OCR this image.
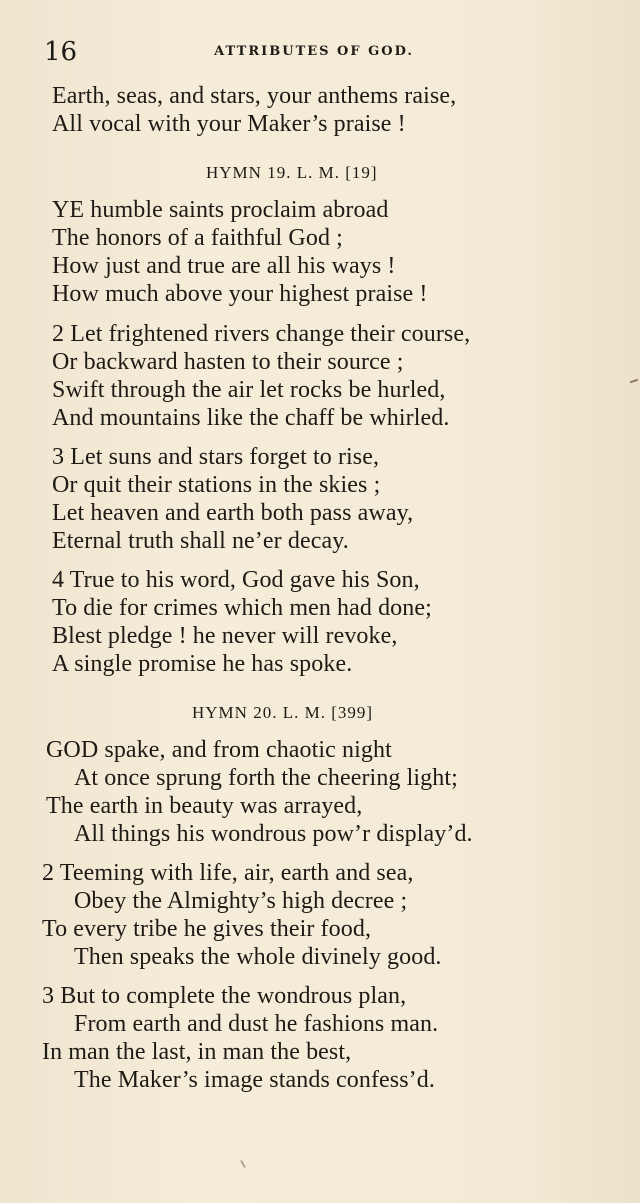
16	ATTRIBUTES OF GOD.
Earth, seas, and stars, your anthems raise,
All vocal with your Maker’s praise !
HYMN 19. L. M. [19]
YE humble saints proclaim abroad
The honors of a faithful God ;
How just and true are all his ways !
How much above your highest praise !
2 Let frightened rivers change their course,
Or backward hasten to their source ;
Swift through the air let rocks be hurled,
And mountains like the chaff be whirled.
3 Let suns and stars forget to rise,
Or quit their stations in the skies ;
Let heaven and earth both pass away,
Eternal truth shall ne’er decay.
4 True to his word, God gave his Son,
To die for crimes which men had done;
Blest pledge ! he never will revoke,
A single promise he has spoke.
HYMN 20. L. M. [399]
GOD spake, and from chaotic night
At once sprung forth the cheering light;
The earth in beauty was arrayed,
All things his wondrous pow’r display’d.
2 Teeming with life, air, earth and sea,
Obey the Almighty’s high decree ;
To every tribe he gives their food,
Then speaks the whole divinely good.
3 But to complete the wondrous plan,
From earth and dust he fashions man.
In man the last, in man the best,
The Maker’s image stands confess’d.
